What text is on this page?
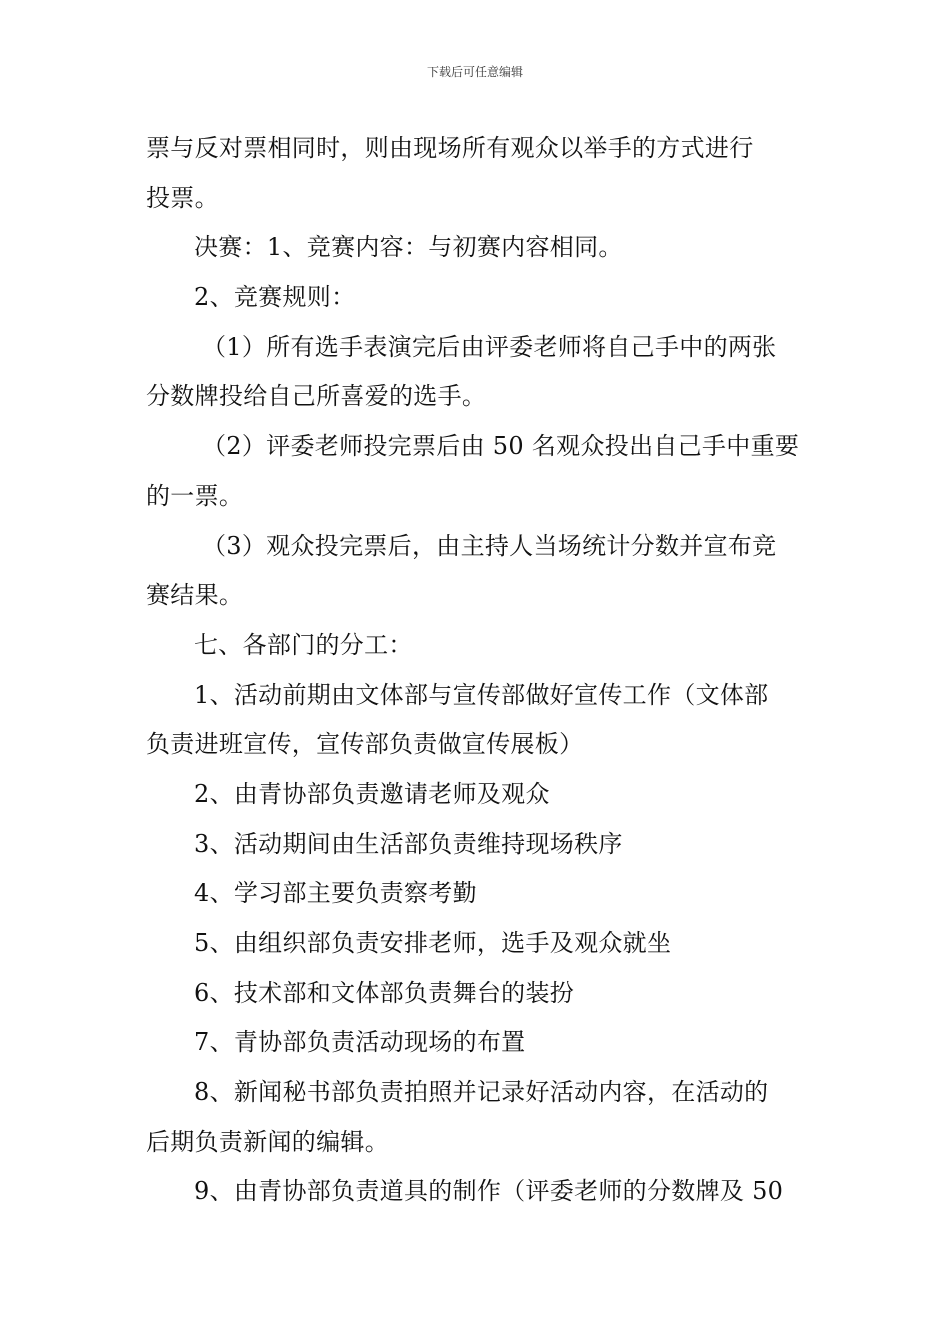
下载后可任意编辑
票与反对票相同时，则由现场所有观众以举手的方式进行
投票。
决赛：1、竞赛内容：与初赛内容相同。
2、竞赛规则：
（1）所有选手表演完后由评委老师将自己手中的两张
分数牌投给自己所喜爱的选手。
（2）评委老师投完票后由 50 名观众投出自己手中重要
的一票。
（3）观众投完票后，由主持人当场统计分数并宣布竞
赛结果。
七、各部门的分工：
1、活动前期由文体部与宣传部做好宣传工作（文体部
负责进班宣传，宣传部负责做宣传展板）
2、由青协部负责邀请老师及观众
3、活动期间由生活部负责维持现场秩序
4、学习部主要负责察考勤
5、由组织部负责安排老师，选手及观众就坐
6、技术部和文体部负责舞台的装扮
7、青协部负责活动现场的布置
8、新闻秘书部负责拍照并记录好活动内容，在活动的
后期负责新闻的编辑。
9、由青协部负责道具的制作（评委老师的分数牌及 50
